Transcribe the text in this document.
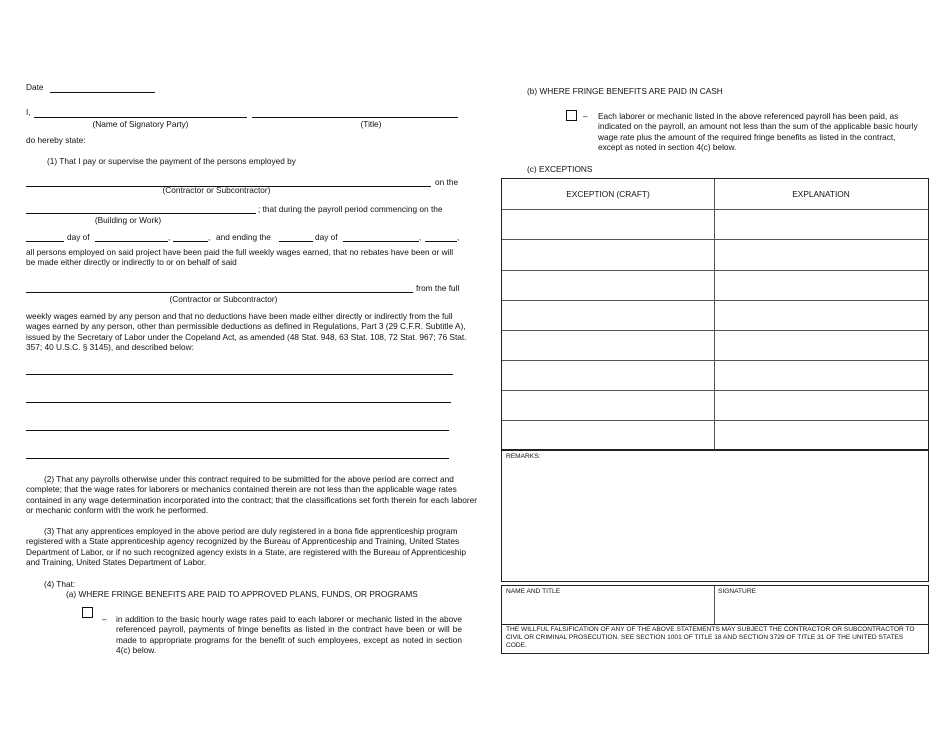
Date
I,
(Name of Signatory Party)	(Title)
do hereby state:
(1) That I pay or supervise the payment of the persons employed by
on the
(Contractor or Subcontractor)
; that during the payroll period commencing on the
(Building or Work)
day of	,	, and ending the	day of	,	,
all persons employed on said project have been paid the full weekly wages earned, that no rebates have been or will be made either directly or indirectly to or on behalf of said
from the full
(Contractor or Subcontractor)
weekly wages earned by any person and that no deductions have been made either directly or indirectly from the full wages earned by any person, other than permissible deductions as defined in Regulations, Part 3 (29 C.F.R. Subtitle A), issued by the Secretary of Labor under the Copeland Act, as amended (48 Stat. 948, 63 Stat. 108, 72 Stat. 967; 76 Stat. 357; 40 U.S.C. § 3145), and described below:
(2) That any payrolls otherwise under this contract required to be submitted for the above period are correct and complete; that the wage rates for laborers or mechanics contained therein are not less than the applicable wage rates contained in any wage determination incorporated into the contract; that the classifications set forth therein for each laborer or mechanic conform with the work he performed.
(3) That any apprentices employed in the above period are duly registered in a bona fide apprenticeship program registered with a State apprenticeship agency recognized by the Bureau of Apprenticeship and Training, United States Department of Labor, or if no such recognized agency exists in a State, are registered with the Bureau of Apprenticeship and Training, United States Department of Labor.
(4) That:
(a) WHERE FRINGE BENEFITS ARE PAID TO APPROVED PLANS, FUNDS, OR PROGRAMS
– in addition to the basic hourly wage rates paid to each laborer or mechanic listed in the above referenced payroll, payments of fringe benefits as listed in the contract have been or will be made to appropriate programs for the benefit of such employees, except as noted in section 4(c) below.
(b) WHERE FRINGE BENEFITS ARE PAID IN CASH
– Each laborer or mechanic listed in the above referenced payroll has been paid, as indicated on the payroll, an amount not less than the sum of the applicable basic hourly wage rate plus the amount of the required fringe benefits as listed in the contract, except as noted in section 4(c) below.
(c) EXCEPTIONS
EXCEPTION (CRAFT)	EXPLANATION
REMARKS:
NAME AND TITLE	SIGNATURE
THE WILLFUL FALSIFICATION OF ANY OF THE ABOVE STATEMENTS MAY SUBJECT THE CONTRACTOR OR SUBCONTRACTOR TO CIVIL OR CRIMINAL PROSECUTION. SEE SECTION 1001 OF TITLE 18 AND SECTION 3729 OF TITLE 31 OF THE UNITED STATES CODE.
